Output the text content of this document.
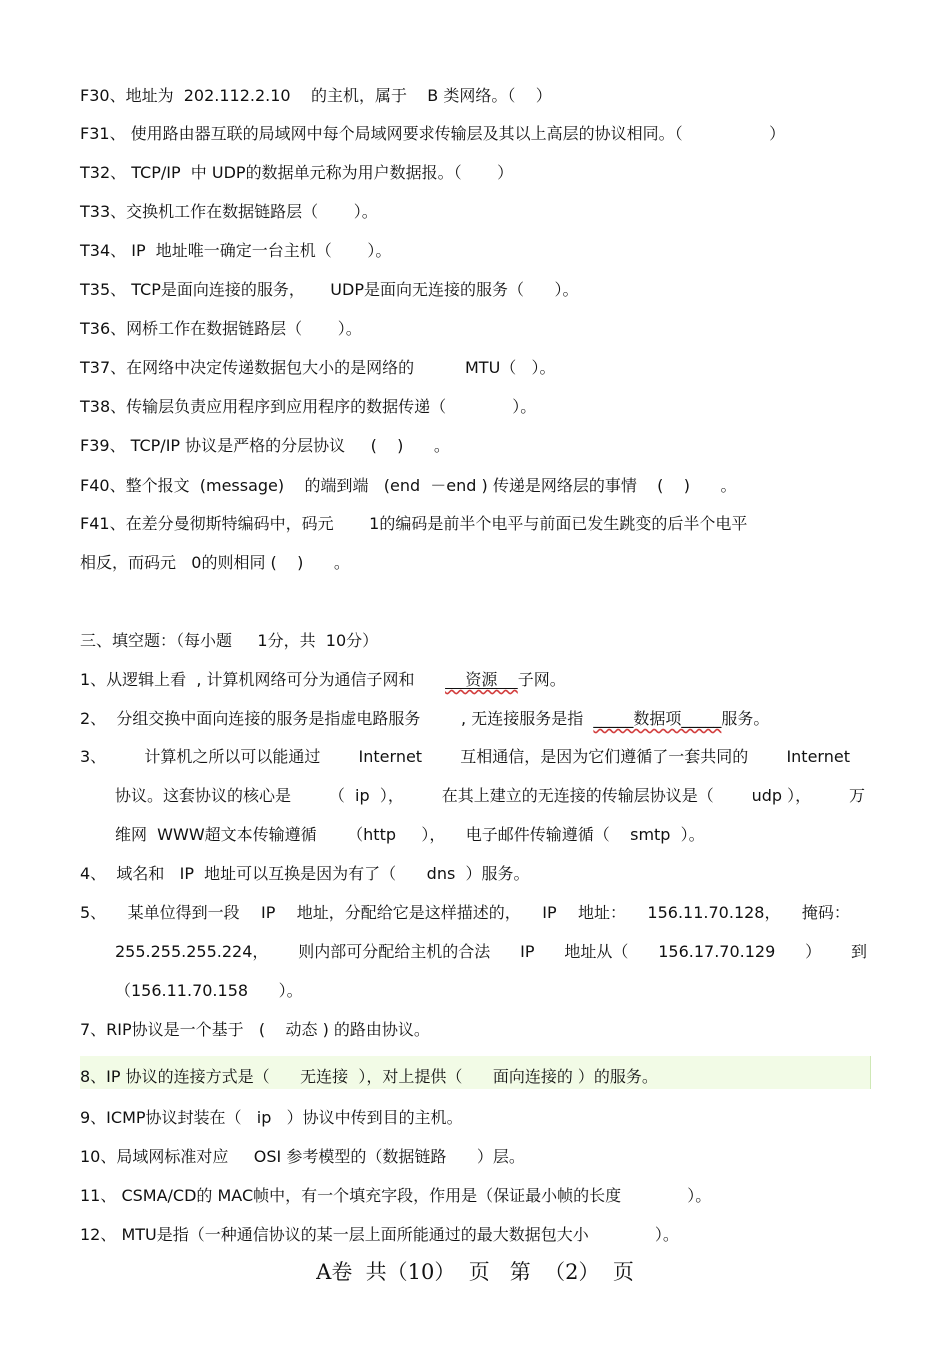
F30、地址为  202.112.2.10    的主机，属于    B 类网络。（    ）
F31、 使用路由器互联的局域网中每个局域网要求传输层及其以上高层的协议相同。（                 ）
T32、 TCP/IP  中 UDP的数据单元称为用户数据报。（       ）
T33、交换机工作在数据链路层（       ）。
T34、 IP  地址唯一确定一台主机（       ）。
T35、 TCP是面向连接的服务，     UDP是面向无连接的服务（      ）。
T36、网桥工作在数据链路层（       ）。
T37、在网络中决定传递数据包大小的是网络的          MTU（   ）。
T38、传输层负责应用程序到应用程序的数据传递（             ）。
F39、 TCP/IP 协议是严格的分层协议     (    )      。
F40、整个报文  (message)    的端到端   (end  －end ) 传递是网络层的事情    (    )      。
F41、在差分曼彻斯特编码中，码元       1的编码是前半个电平与前面已发生跳变的后半个电平
相反，而码元   0的则相同 (    )      。
三、填空题：（每小题     1分，共  10分）
1、从逻辑上看  , 计算机网络可分为通信子网和          资源    子网。
2、  分组交换中面向连接的服务是指虚电路服务        , 无连接服务是指  _____数据项_____服务。
3、 计算机之所以可以能通过 Internet 互相通信，是因为它们遵循了一套共同的 Internet
协议。这套协议的核心是 （  ip  ）， 在其上建立的无连接的传输层协议是（ udp ）， 万
维网  WWW超文本传输遵循      （http     ），    电子邮件传输遵循（    smtp  ）。
4、  域名和   IP  地址可以互换是因为有了（      dns  ）服务。
5、 某单位得到一段 IP 地址，分配给它是这样描述的， IP 地址： 156.11.70.128， 掩码：
255.255.255.224， 则内部可分配给主机的合法 IP 地址从（ 156.17.70.129 ） 到
（156.11.70.158      ）。
7、RIP协议是一个基于   (    动态 ) 的路由协议。
8、IP 协议的连接方式是（      无连接  ），对上提供（      面向连接的 ）的服务。
9、ICMP协议封装在（   ip   ）协议中传到目的主机。
10、局域网标准对应     OSI 参考模型的（数据链路      ）层。
11、 CSMA/CD的 MAC帧中，有一个填充字段，作用是（保证最小帧的长度             ）。
12、 MTU是指（一种通信协议的某一层上面所能通过的最大数据包大小             ）。
A卷  共（10）  页   第  （2）  页
